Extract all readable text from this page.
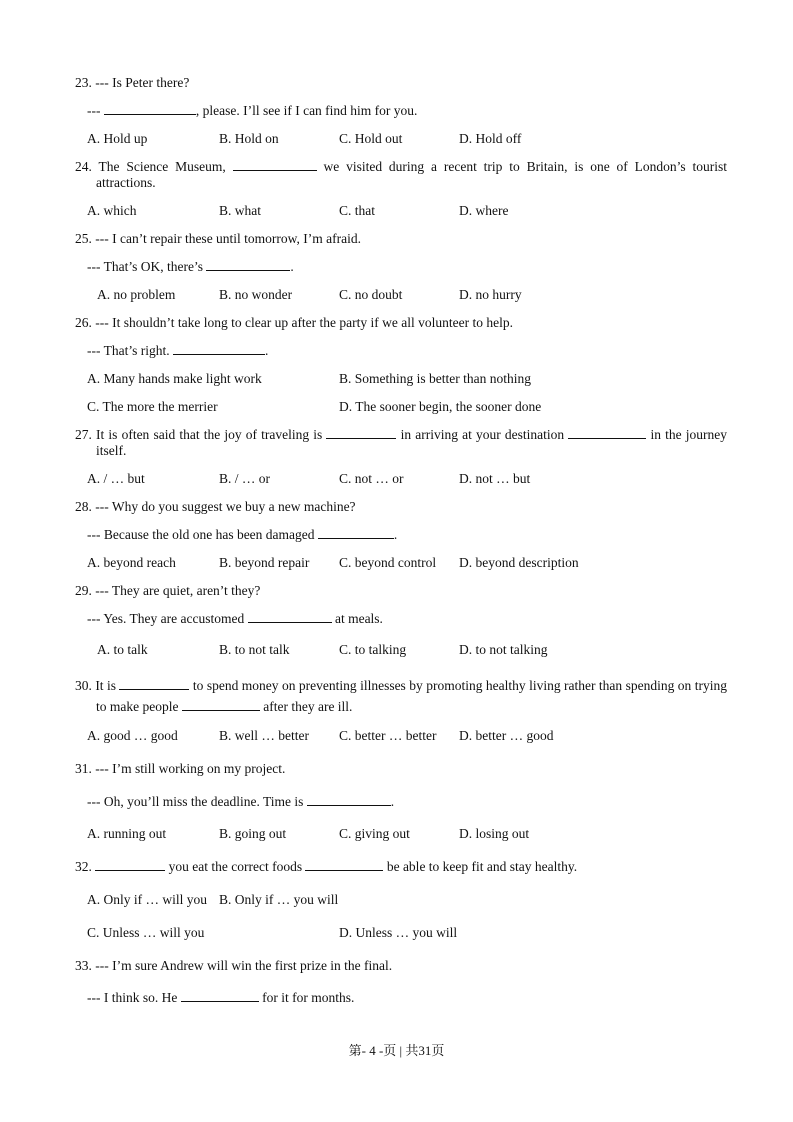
23. --- Is Peter there?
---	, please. I’ll see if I can find him for you.
A. Hold up	B. Hold on	C. Hold out	D. Hold off
24. The Science Museum,	we visited during a recent trip to Britain, is one of London’s tourist attractions.
A. which	B. what	C. that	D. where
25. --- I can’t repair these until tomorrow, I’m afraid.
--- That’s OK, there’s	.
A. no problem	B. no wonder	C. no doubt	D. no hurry
26. --- It shouldn’t take long to clear up after the party if we all volunteer to help.
--- That’s right.	.
A. Many hands make light work	B. Something is better than nothing
C. The more the merrier	D. The sooner begin, the sooner done
27. It is often said that the joy of traveling is	in arriving at your destination	in the journey itself.
A. / … but	B. / … or	C. not … or	D. not … but
28. --- Why do you suggest we buy a new machine?
--- Because the old one has been damaged	.
A. beyond reach	B. beyond repair C. beyond control D. beyond description
29. --- They are quiet, aren’t they?
--- Yes. They are accustomed	at meals.
A. to talk	B. to not talk	C. to talking	D. to not talking
30. It is	to spend money on preventing illnesses by promoting healthy living rather than spending on trying to make people	after they are ill.
A. good … good	B. well … better C. better … better D. better … good
31. --- I’m still working on my project.
--- Oh, you’ll miss the deadline. Time is	.
A. running out	B. going out	C. giving out	D. losing out
32.	you eat the correct foods	be able to keep fit and stay healthy.
A. Only if … will you B. Only if … you will
C. Unless … will you	D. Unless … you will
33. --- I’m sure Andrew will win the first prize in the final.
--- I think so. He	for it for months.
第- 4 -页 | 共31页
